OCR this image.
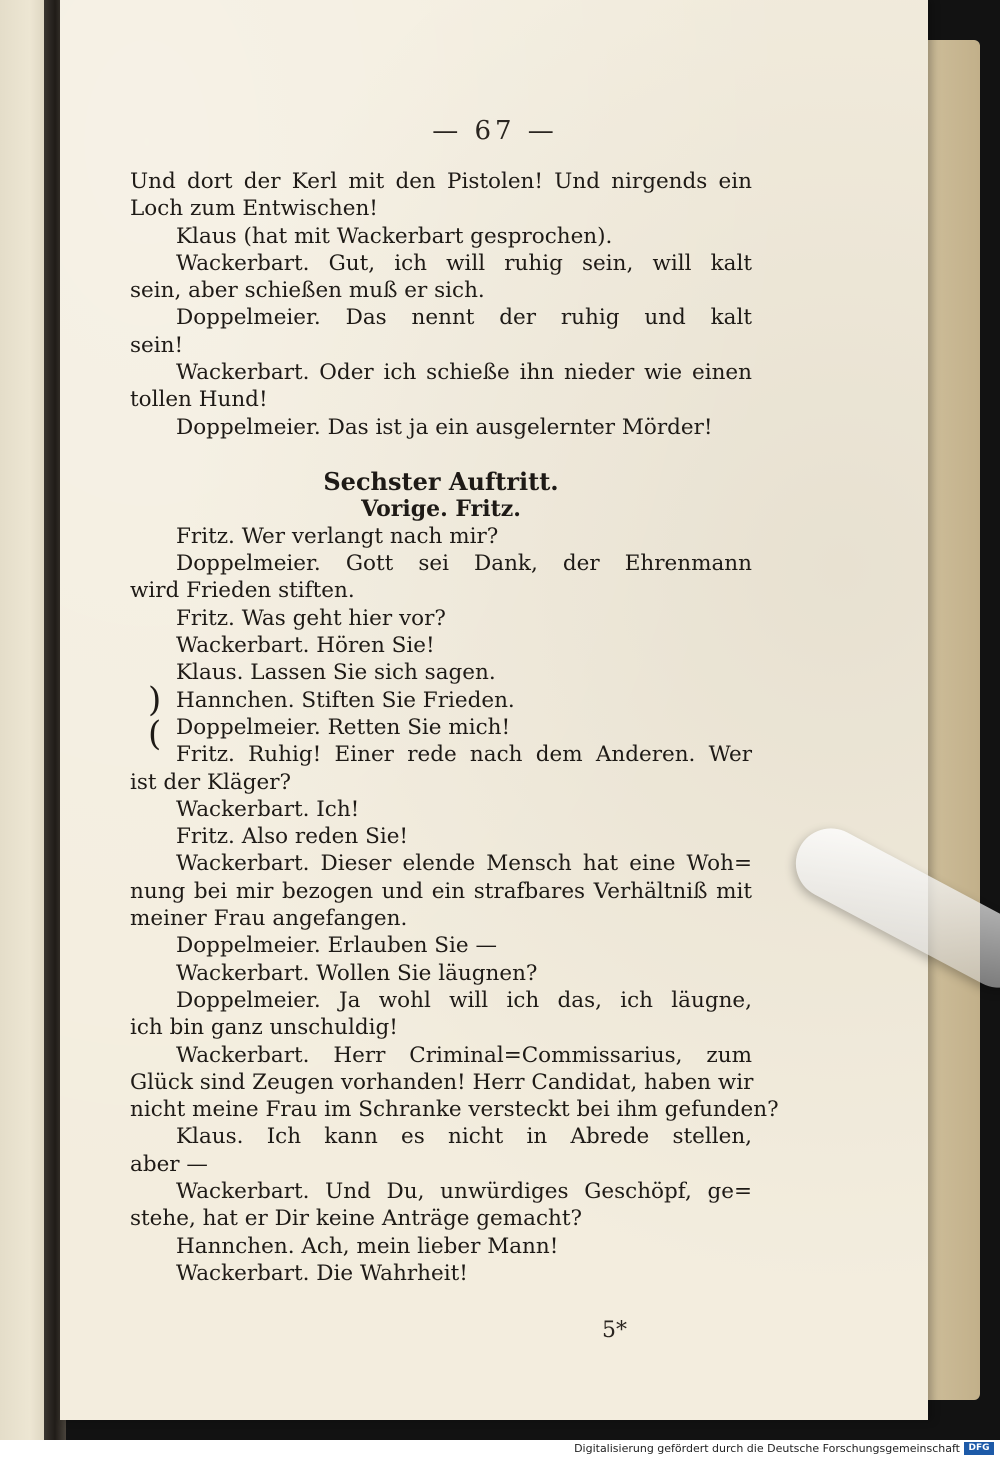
— 67 —
Und dort der Kerl mit den Pistolen! Und nirgends ein
Loch zum Entwischen!
Klaus (hat mit Wackerbart gesprochen).
Wackerbart. Gut, ich will ruhig sein, will kalt
sein, aber schießen muß er sich.
Doppelmeier. Das nennt der ruhig und kalt
sein!
Wackerbart. Oder ich schieße ihn nieder wie einen
tollen Hund!
Doppelmeier. Das ist ja ein ausgelernter Mörder!
Sechster Auftritt.
Vorige. Fritz.
Fritz. Wer verlangt nach mir?
Doppelmeier. Gott sei Dank, der Ehrenmann
wird Frieden stiften.
Fritz. Was geht hier vor?
Wackerbart. Hören Sie!
Klaus. Lassen Sie sich sagen.
Hannchen. Stiften Sie Frieden.
Doppelmeier. Retten Sie mich!
Fritz. Ruhig! Einer rede nach dem Anderen. Wer
ist der Kläger?
Wackerbart. Ich!
Fritz. Also reden Sie!
Wackerbart. Dieser elende Mensch hat eine Woh=
nung bei mir bezogen und ein strafbares Verhältniß mit
meiner Frau angefangen.
Doppelmeier. Erlauben Sie —
Wackerbart. Wollen Sie läugnen?
Doppelmeier. Ja wohl will ich das, ich läugne,
ich bin ganz unschuldig!
Wackerbart. Herr Criminal=Commissarius, zum
Glück sind Zeugen vorhanden! Herr Candidat, haben wir
nicht meine Frau im Schranke versteckt bei ihm gefunden?
Klaus. Ich kann es nicht in Abrede stellen,
aber —
Wackerbart. Und Du, unwürdiges Geschöpf, ge=
stehe, hat er Dir keine Anträge gemacht?
Hannchen. Ach, mein lieber Mann!
Wackerbart. Die Wahrheit!
)
(
5*
Digitalisierung gefördert durch die Deutsche Forschungsgemeinschaft DFG
